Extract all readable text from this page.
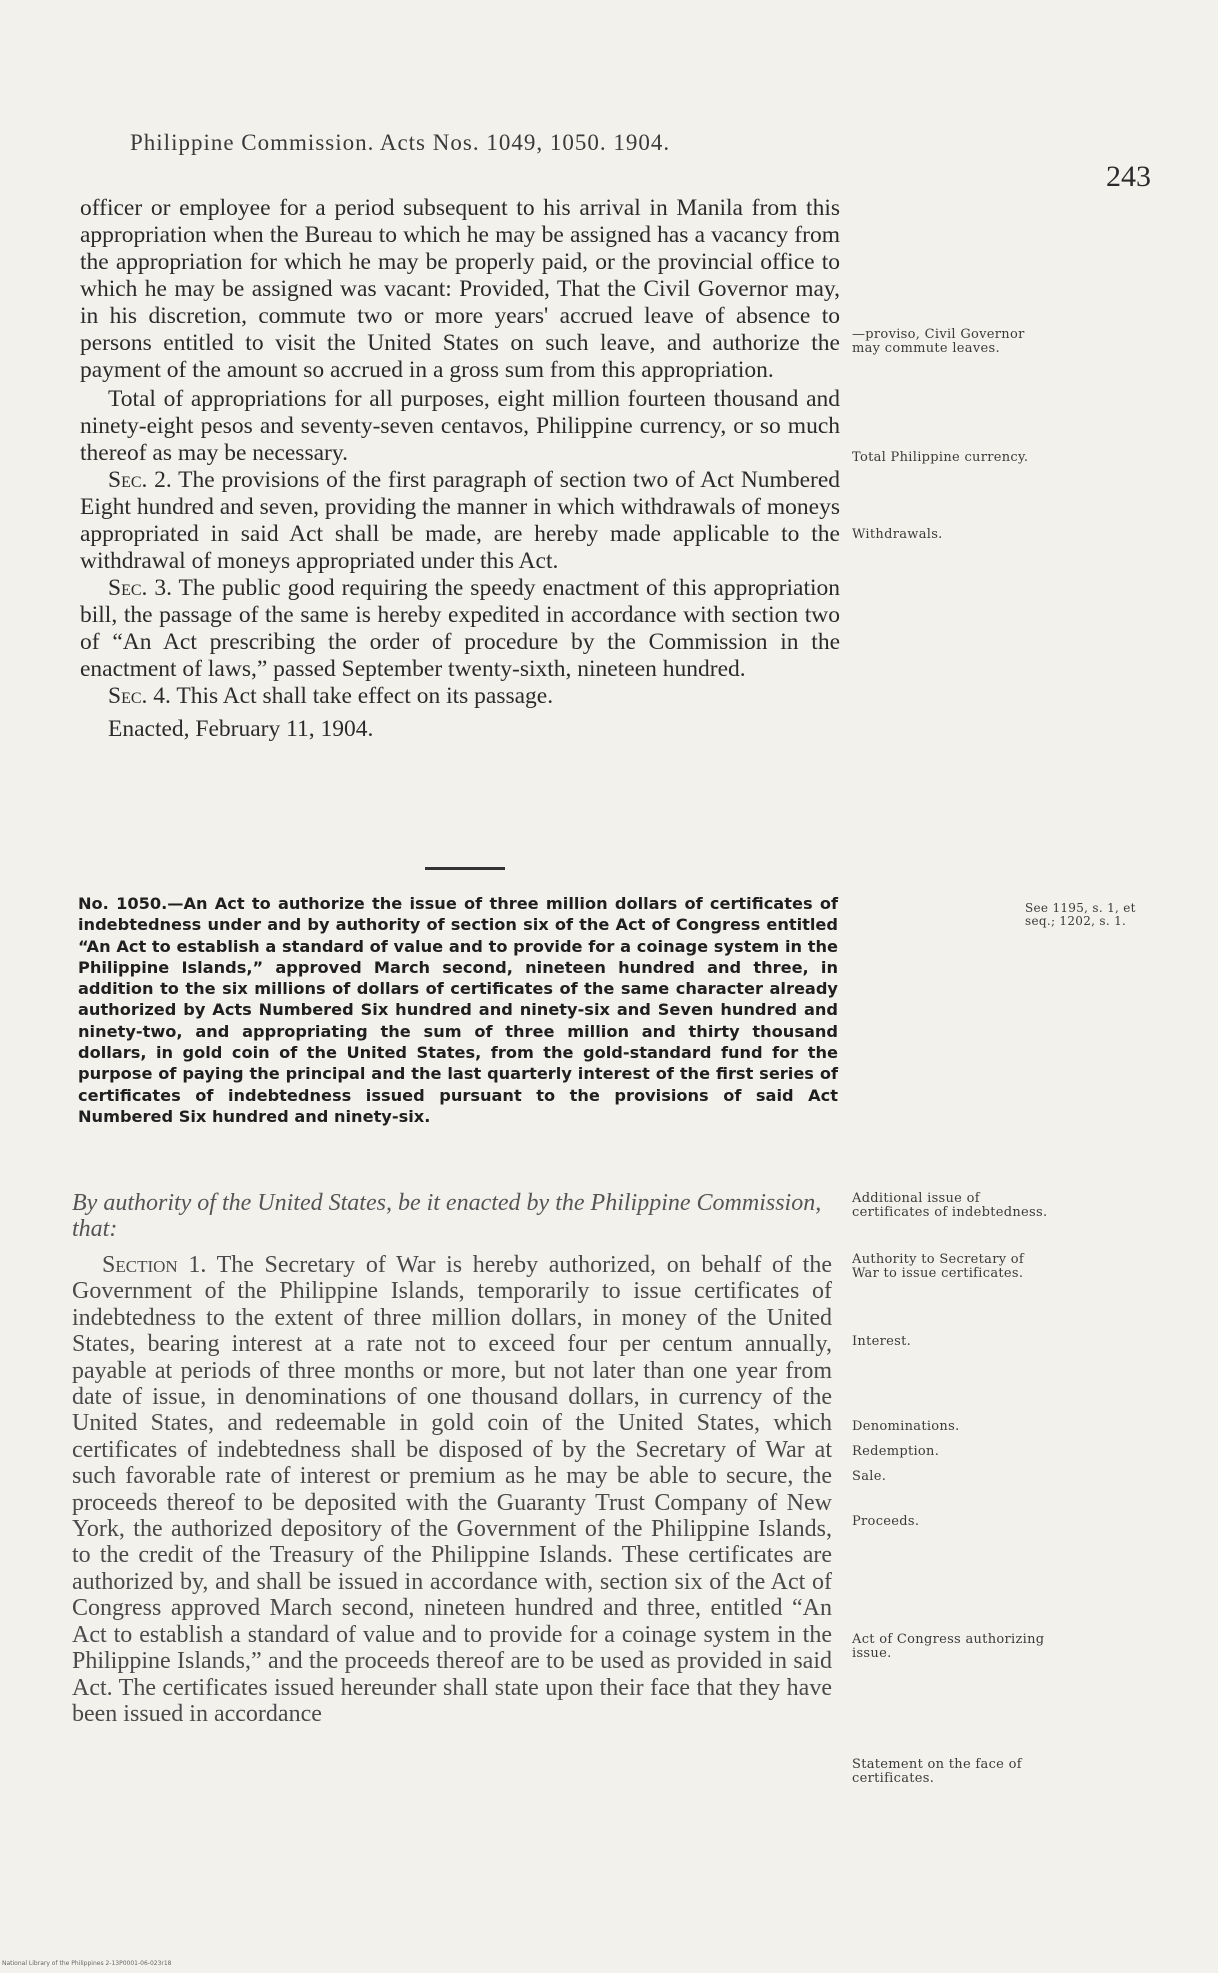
Philippine Commission. Acts Nos. 1049, 1050. 1904.
243

officer or employee for a period subsequent to his arrival in Manila from this appropriation when the Bureau to which he may be assigned has a vacancy from the appropriation for which he may be properly paid, or the provincial office to which he may be assigned was vacant: Provided, That the Civil Governor may, in his discretion, commute two or more years' accrued leave of absence to persons entitled to visit the United States on such leave, and authorize the payment of the amount so accrued in a gross sum from this appropriation.

Total of appropriations for all purposes, eight million fourteen thousand and ninety-eight pesos and seventy-seven centavos, Philippine currency, or so much thereof as may be necessary.

Sec. 2. The provisions of the first paragraph of section two of Act Numbered Eight hundred and seven, providing the manner in which withdrawals of moneys appropriated in said Act shall be made, are hereby made applicable to the withdrawal of moneys appropriated under this Act.

Sec. 3. The public good requiring the speedy enactment of this appropriation bill, the passage of the same is hereby expedited in accordance with section two of “An Act prescribing the order of procedure by the Commission in the enactment of laws,” passed September twenty-sixth, nineteen hundred.

Sec. 4. This Act shall take effect on its passage.

Enacted, February 11, 1904.

—proviso, Civil Governor may commute leaves.
Total Philippine currency.
Withdrawals.
No. 1050.—An Act to authorize the issue of three million dollars of certificates of indebtedness under and by authority of section six of the Act of Congress entitled “An Act to establish a standard of value and to provide for a coinage system in the Philippine Islands,” approved March second, nineteen hundred and three, in addition to the six millions of dollars of certificates of the same character already authorized by Acts Numbered Six hundred and ninety-six and Seven hundred and ninety-two, and appropriating the sum of three million and thirty thousand dollars, in gold coin of the United States, from the gold-standard fund for the purpose of paying the principal and the last quarterly interest of the first series of certificates of indebtedness issued pursuant to the provisions of said Act Numbered Six hundred and ninety-six.
See 1195, s. 1, et seq.; 1202, s. 1.
By authority of the United States, be it enacted by the Philippine Commission, that:
Additional issue of certificates of indebtedness.

Section 1. The Secretary of War is hereby authorized, on behalf of the Government of the Philippine Islands, temporarily to issue certificates of indebtedness to the extent of three million dollars, in money of the United States, bearing interest at a rate not to exceed four per centum annually, payable at periods of three months or more, but not later than one year from date of issue, in denominations of one thousand dollars, in currency of the United States, and redeemable in gold coin of the United States, which certificates of indebtedness shall be disposed of by the Secretary of War at such favorable rate of interest or premium as he may be able to secure, the proceeds thereof to be deposited with the Guaranty Trust Company of New York, the authorized depository of the Government of the Philippine Islands, to the credit of the Treasury of the Philippine Islands. These certificates are authorized by, and shall be issued in accordance with, section six of the Act of Congress approved March second, nineteen hundred and three, entitled “An Act to establish a standard of value and to provide for a coinage system in the Philippine Islands,” and the proceeds thereof are to be used as provided in said Act. The certificates issued hereunder shall state upon their face that they have been issued in accordance

Authority to Secretary of War to issue certificates.
Interest.
Denominations.
Redemption.
Sale.
Proceeds.
Act of Congress authorizing issue.
Statement on the face of certificates.
National Library of the Philippines 2-13P0001-06-023r18
